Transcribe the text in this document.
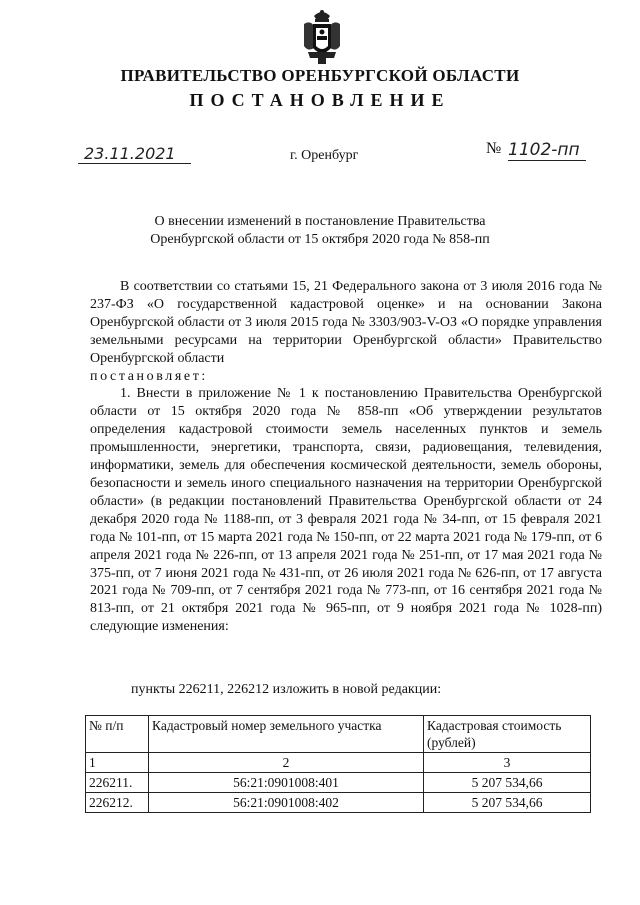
ПРАВИТЕЛЬСТВО ОРЕНБУРГСКОЙ ОБЛАСТИ
ПОСТАНОВЛЕНИЕ
23.11.2021	г. Оренбург	№ 1102-пп
О внесении изменений в постановление Правительства
Оренбургской области от 15 октября 2020 года № 858-пп

В соответствии со статьями 15, 21 Федерального закона от 3 июля 2016 года № 237-ФЗ «О государственной кадастровой оценке» и на основании Закона Оренбургской области от 3 июля 2015 года № 3303/903-V-ОЗ «О порядке управления земельными ресурсами на территории Оренбургской области» Правительство Оренбургской области

постановляет:

1. Внести в приложение № 1 к постановлению Правительства Оренбургской области от 15 октября 2020 года № 858-пп «Об утверждении результатов определения кадастровой стоимости земель населенных пунктов и земель промышленности, энергетики, транспорта, связи, радиовещания, телевидения, информатики, земель для обеспечения космической деятельности, земель обороны, безопасности и земель иного специального назначения на территории Оренбургской области» (в редакции постановлений Правительства Оренбургской области от 24 декабря 2020 года № 1188-пп, от 3 февраля 2021 года № 34-пп, от 15 февраля 2021 года № 101-пп, от 15 марта 2021 года № 150-пп, от 22 марта 2021 года № 179-пп, от 6 апреля 2021 года № 226-пп, от 13 апреля 2021 года № 251-пп, от 17 мая 2021 года № 375-пп, от 7 июня 2021 года № 431-пп, от 26 июля 2021 года № 626-пп, от 17 августа 2021 года № 709-пп, от 7 сентября 2021 года № 773-пп, от 16 сентября 2021 года № 813-пп, от 21 октября 2021 года № 965-пп, от 9 ноября 2021 года № 1028-пп) следующие изменения:

пункты 226211, 226212 изложить в новой редакции:
№ п/п	Кадастровый номер земельного участка	Кадастровая стоимость (рублей)
1	2	3
226211.	56:21:0901008:401	5 207 534,66
226212.	56:21:0901008:402	5 207 534,66
